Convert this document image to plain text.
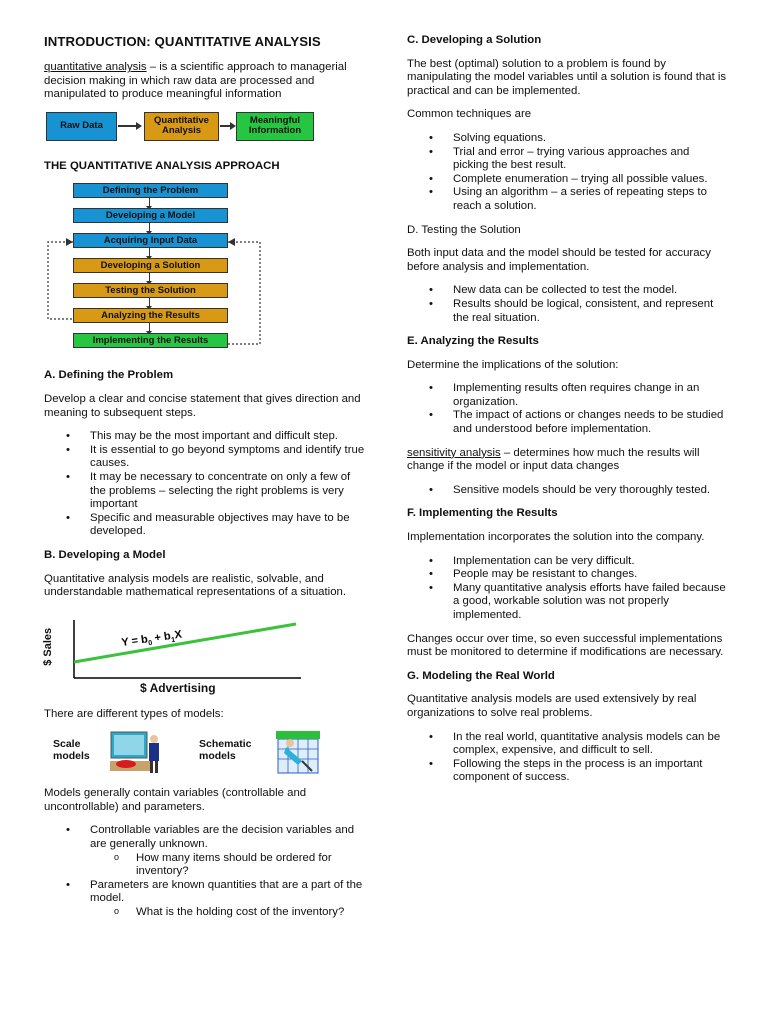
INTRODUCTION: QUANTITATIVE ANALYSIS

quantitative analysis – is a scientific approach to managerial decision making in which raw data are processed and manipulated to produce meaningful information

Raw Data	Quantitative
Analysis
Meaningful
Information
THE QUANTITATIVE ANALYSIS APPROACH
Defining the Problem
Developing a Model
Acquiring Input Data
Developing a Solution
Testing the Solution
Analyzing the Results
Implementing the Results
A. Defining the Problem

Develop a clear and concise statement that gives direction and meaning to subsequent steps.

• This may be the most important and difficult step.
• It is essential to go beyond symptoms and identify true causes.
• It may be necessary to concentrate on only a few of the problems – selecting the right problems is very important
• Specific and measurable objectives may have to be developed.
B. Developing a Model

Quantitative analysis models are realistic, solvable, and understandable mathematical representations of a situation.

$Y = b_0 + b_1X$
$ Sales
$ Advertising

There are different types of models:

Scale
models
Schematic
models

Models generally contain variables (controllable and uncontrollable) and parameters.

• Controllable variables are the decision variables and are generally unknown.
o How many items should be ordered for inventory?
• Parameters are known quantities that are a part of the model.
o What is the holding cost of the inventory?
C. Developing a Solution

The best (optimal) solution to a problem is found by manipulating the model variables until a solution is found that is practical and can be implemented.

Common techniques are

• Solving equations.
• Trial and error – trying various approaches and picking the best result.
• Complete enumeration – trying all possible values.
• Using an algorithm – a series of repeating steps to reach a solution.

D. Testing the Solution

Both input data and the model should be tested for accuracy before analysis and implementation.

• New data can be collected to test the model.
• Results should be logical, consistent, and represent the real situation.
E. Analyzing the Results

Determine the implications of the solution:

• Implementing results often requires change in an organization.
• The impact of actions or changes needs to be studied and understood before implementation.

sensitivity analysis – determines how much the results will change if the model or input data changes

• Sensitive models should be very thoroughly tested.
F. Implementing the Results

Implementation incorporates the solution into the company.

• Implementation can be very difficult.
• People may be resistant to changes.
• Many quantitative analysis efforts have failed because a good, workable solution was not properly implemented.

Changes occur over time, so even successful implementations must be monitored to determine if modifications are necessary.

G. Modeling the Real World

Quantitative analysis models are used extensively by real organizations to solve real problems.

• In the real world, quantitative analysis models can be complex, expensive, and difficult to sell.
• Following the steps in the process is an important component of success.
